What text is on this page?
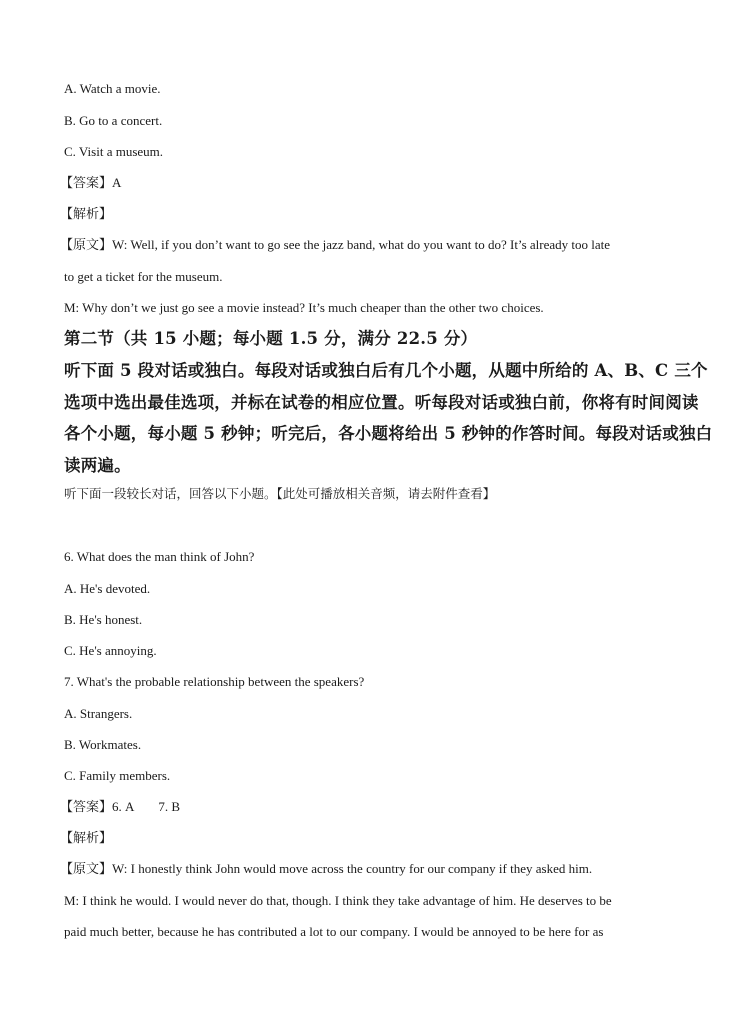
A. Watch a movie.
B. Go to a concert.
C. Visit a museum.
【答案】A
【解析】
【原文】W: Well, if you don’t want to go see the jazz band, what do you want to do? It’s already too late
to get a ticket for the museum.
M: Why don’t we just go see a movie instead? It’s much cheaper than the other two choices.
第二节（共 15 小题；每小题 1.5 分，满分 22.5 分）
听下面 5 段对话或独白。每段对话或独白后有几个小题，从题中所给的 A、B、C 三个
选项中选出最佳选项，并标在试卷的相应位置。听每段对话或独白前，你将有时间阅读
各个小题，每小题 5 秒钟；听完后，各小题将给出 5 秒钟的作答时间。每段对话或独白
读两遍。
听下面一段较长对话，回答以下小题。【此处可播放相关音频，请去附件查看】
6. What does the man think of John?
A. He's devoted.
B. He's honest.
C. He's annoying.
7. What's the probable relationship between the speakers?
A. Strangers.
B. Workmates.
C. Family members.
【答案】6. A 7. B
【解析】
【原文】W: I honestly think John would move across the country for our company if they asked him.
M: I think he would. I would never do that, though. I think they take advantage of him. He deserves to be
paid much better, because he has contributed a lot to our company. I would be annoyed to be here for as
